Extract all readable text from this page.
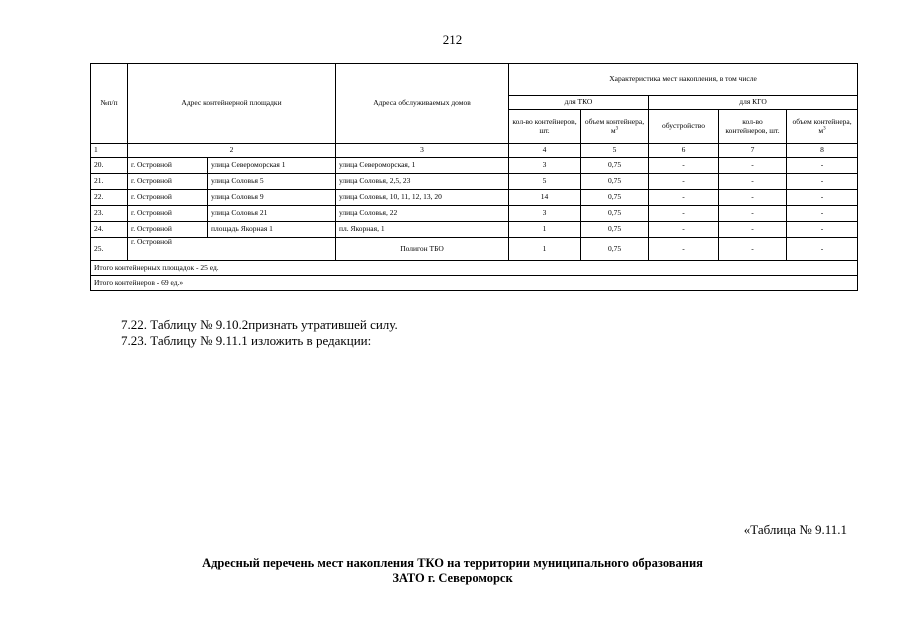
212
№п/п	Адрес контейнерной площадки		Адреса обслуживаемых домов	Характеристика мест накопления, в том числе				
				для ТКО		для КГО		
				кол-во контейнеров, шт.	объем контейнера, $м^3$	обустройство	кол-во контейнеров, шт.	объем контейнера, $м^3$
1	2		3	4	5	6	7	8
20.	г. Островной	улица Североморская 1	улица Североморская, 1	3	0,75	-	-	-
21.	г. Островной	улица Соловья 5	улица Соловья, 2,5, 23	5	0,75	-	-	-
22.	г. Островной	улица Соловья 9	улица Соловья, 10, 11, 12, 13, 20	14	0,75	-	-	-
23.	г. Островной	улица Соловья 21	улица Соловья, 22	3	0,75	-	-	-
24.	г. Островной	площадь Якорная 1	пл. Якорная, 1	1	0,75	-	-	-
25.	г. Островной		Полигон ТБО	1	0,75	-	-	-
Итого контейнерных площадок - 25 ед.								
Итого контейнеров - 69 ед.»								
7.22. Таблицу № 9.10.2признать утратившей силу.
7.23. Таблицу № 9.11.1 изложить в редакции:
«Таблица № 9.11.1
Адресный перечень мест накопления ТКО на территории муниципального образования
ЗАТО г. Североморск
